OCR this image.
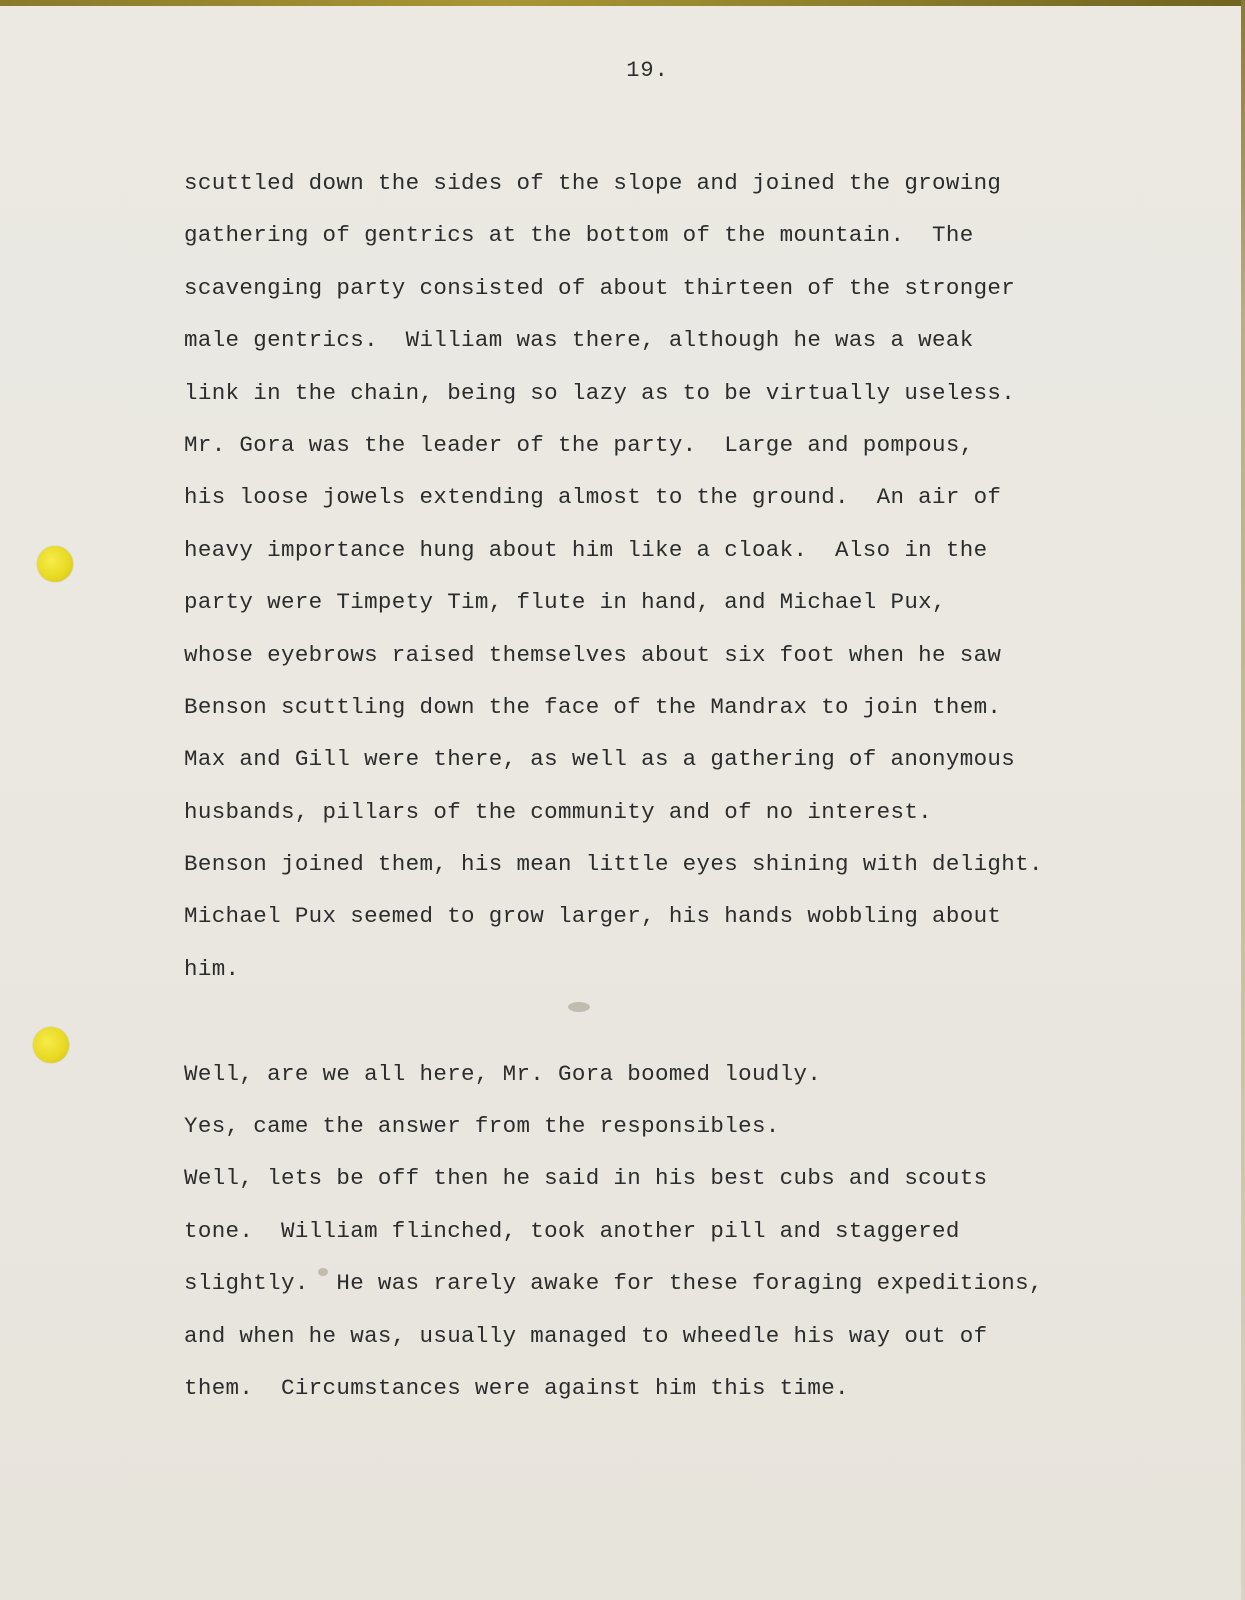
19.
scuttled down the sides of the slope and joined the growing
gathering of gentrics at the bottom of the mountain.  The
scavenging party consisted of about thirteen of the stronger
male gentrics.  William was there, although he was a weak
link in the chain, being so lazy as to be virtually useless.
Mr. Gora was the leader of the party.  Large and pompous,
his loose jowels extending almost to the ground.  An air of
heavy importance hung about him like a cloak.  Also in the
party were Timpety Tim, flute in hand, and Michael Pux,
whose eyebrows raised themselves about six foot when he saw
Benson scuttling down the face of the Mandrax to join them.
Max and Gill were there, as well as a gathering of anonymous
husbands, pillars of the community and of no interest.
Benson joined them, his mean little eyes shining with delight.
Michael Pux seemed to grow larger, his hands wobbling about
him.
Well, are we all here, Mr. Gora boomed loudly.
Yes, came the answer from the responsibles.
Well, lets be off then he said in his best cubs and scouts
tone.  William flinched, took another pill and staggered
slightly.  He was rarely awake for these foraging expeditions,
and when he was, usually managed to wheedle his way out of
them.  Circumstances were against him this time.
